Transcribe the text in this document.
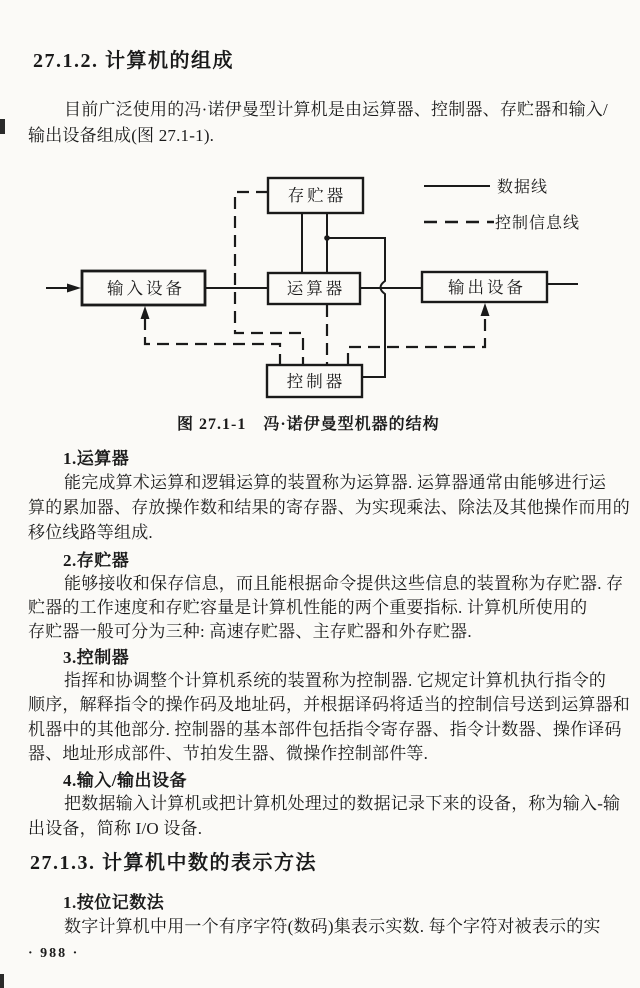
27.1.2. 计算机的组成
目前广泛使用的冯·诺伊曼型计算机是由运算器、控制器、存贮器和输入/
输出设备组成(图 27.1-1).
存贮器
运算器
控制器
输入设备	输出设备
数据线
控制信息线
图 27.1-1　冯·诺伊曼型机器的结构
1.运算器
能完成算术运算和逻辑运算的装置称为运算器. 运算器通常由能够进行运
算的累加器、存放操作数和结果的寄存器、为实现乘法、除法及其他操作而用的
移位线路等组成.
2.存贮器
能够接收和保存信息，而且能根据命令提供这些信息的装置称为存贮器. 存
贮器的工作速度和存贮容量是计算机性能的两个重要指标. 计算机所使用的
存贮器一般可分为三种: 高速存贮器、主存贮器和外存贮器.
3.控制器
指挥和协调整个计算机系统的装置称为控制器. 它规定计算机执行指令的
顺序，解释指令的操作码及地址码，并根据译码将适当的控制信号送到运算器和
机器中的其他部分. 控制器的基本部件包括指令寄存器、指令计数器、操作译码
器、地址形成部件、节拍发生器、微操作控制部件等.
4.输入/输出设备
把数据输入计算机或把计算机处理过的数据记录下来的设备，称为输入-输
出设备，简称 I/O 设备.
27.1.3. 计算机中数的表示方法
1.按位记数法
数字计算机中用一个有序字符(数码)集表示实数. 每个字符对被表示的实
· 988 ·
